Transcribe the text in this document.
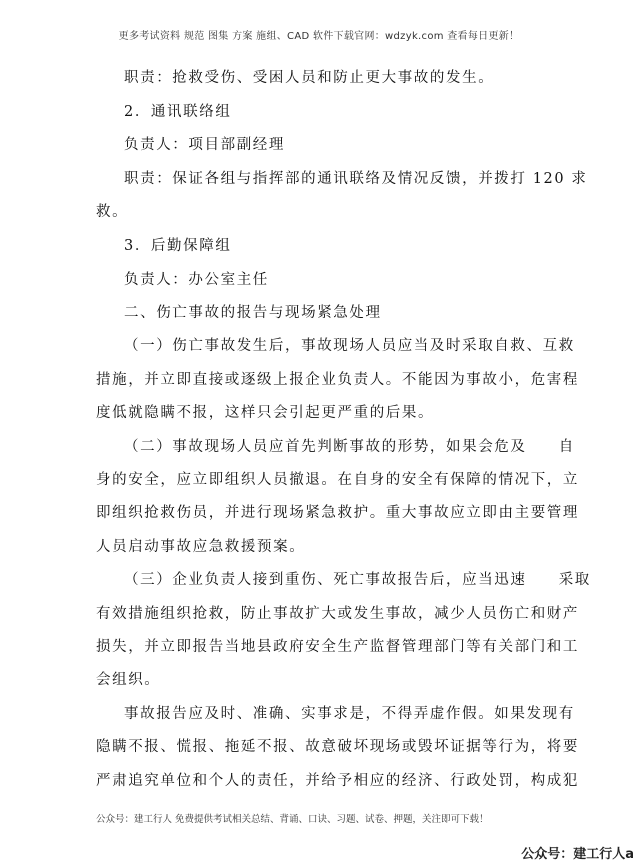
更多考试资料 规范 图集 方案 施组、CAD 软件下载官网：wdzyk.com 查看每日更新！
职责：抢救受伤、受困人员和防止更大事故的发生。
2．通讯联络组
负责人：项目部副经理
职责：保证各组与指挥部的通讯联络及情况反馈，并拨打 120 求
救。
3．后勤保障组
负责人：办公室主任
二、伤亡事故的报告与现场紧急处理
（一）伤亡事故发生后，事故现场人员应当及时采取自救、互救
措施，并立即直接或逐级上报企业负责人。不能因为事故小，危害程
度低就隐瞒不报，这样只会引起更严重的后果。
（二）事故现场人员应首先判断事故的形势，如果会危及　　自
身的安全，应立即组织人员撤退。在自身的安全有保障的情况下，立
即组织抢救伤员，并进行现场紧急救护。重大事故应立即由主要管理
人员启动事故应急救援预案。
（三）企业负责人接到重伤、死亡事故报告后，应当迅速　　采取
有效措施组织抢救，防止事故扩大或发生事故，减少人员伤亡和财产
损失，并立即报告当地县政府安全生产监督管理部门等有关部门和工
会组织。
事故报告应及时、准确、实事求是，不得弄虚作假。如果发现有
隐瞒不报、慌报、拖延不报、故意破坏现场或毁坏证据等行为，将要
严肃追究单位和个人的责任，并给予相应的经济、行政处罚，构成犯
公众号：建工行人 免费提供考试相关总结、背诵、口诀、习题、试卷、押题，关注即可下载！
公众号：建工行人a
